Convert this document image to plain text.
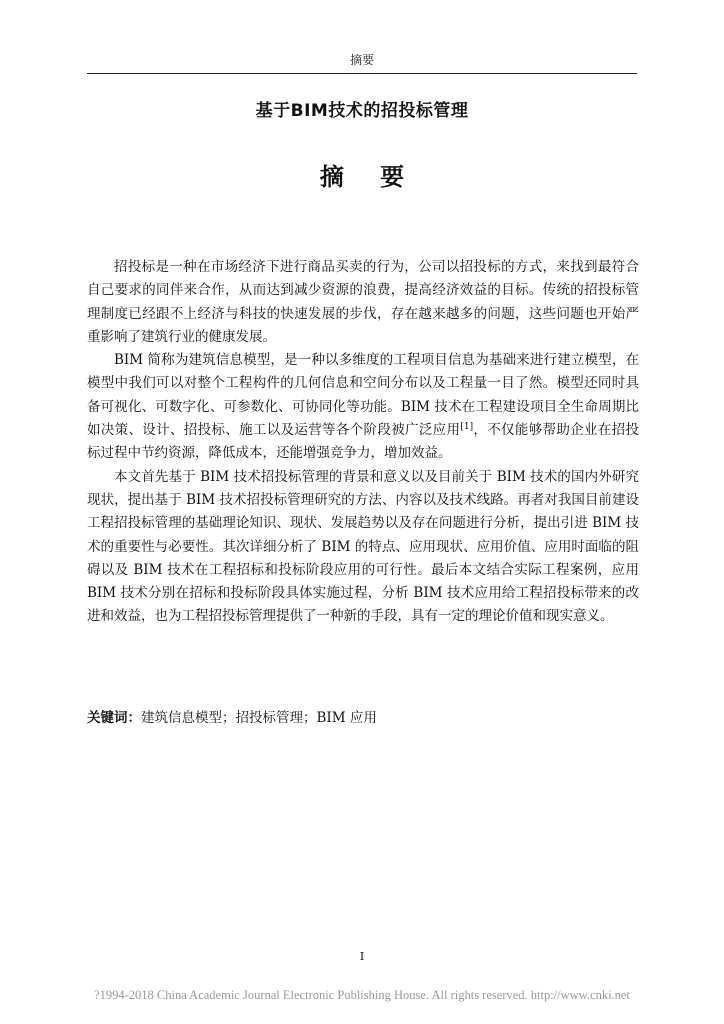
摘要
基于BIM技术的招投标管理
摘 要

招投标是一种在市场经济下进行商品买卖的行为，公司以招投标的方式，来找到最符合自己要求的同伴来合作，从而达到减少资源的浪费，提高经济效益的目标。传统的招投标管理制度已经跟不上经济与科技的快速发展的步伐，存在越来越多的问题，这些问题也开始严重影响了建筑行业的健康发展。

BIM 简称为建筑信息模型，是一种以多维度的工程项目信息为基础来进行建立模型，在模型中我们可以对整个工程构件的几何信息和空间分布以及工程量一目了然。模型还同时具备可视化、可数字化、可参数化、可协同化等功能。BIM 技术在工程建设项目全生命周期比如决策、设计、招投标、施工以及运营等各个阶段被广泛应用[1]，不仅能够帮助企业在招投标过程中节约资源，降低成本，还能增强竞争力，增加效益。

本文首先基于 BIM 技术招投标管理的背景和意义以及目前关于 BIM 技术的国内外研究现状，提出基于 BIM 技术招投标管理研究的方法、内容以及技术线路。再者对我国目前建设工程招投标管理的基础理论知识、现状、发展趋势以及存在问题进行分析，提出引进 BIM 技术的重要性与必要性。其次详细分析了 BIM 的特点、应用现状、应用价值、应用时面临的阻碍以及 BIM 技术在工程招标和投标阶段应用的可行性。最后本文结合实际工程案例，应用 BIM 技术分别在招标和投标阶段具体实施过程，分析 BIM 技术应用给工程招投标带来的改进和效益，也为工程招投标管理提供了一种新的手段，具有一定的理论价值和现实意义。

关键词：建筑信息模型；招投标管理；BIM 应用
I
?1994-2018 China Academic Journal Electronic Publishing House. All rights reserved. http://www.cnki.net
